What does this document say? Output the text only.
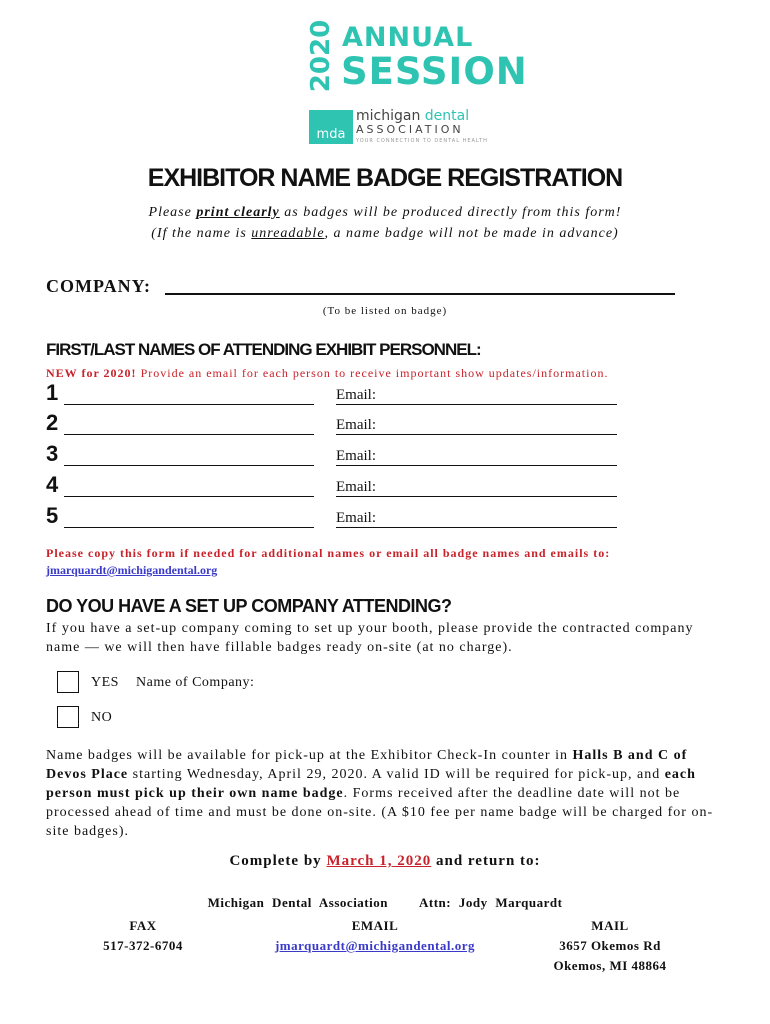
2020 ANNUAL
SESSION
mda
michigan dental
ASSOCIATION
YOUR CONNECTION TO DENTAL HEALTH
EXHIBITOR NAME BADGE REGISTRATION
Please print clearly as badges will be produced directly from this form!
(If the name is unreadable, a name badge will not be made in advance)
COMPANY:
(To be listed on badge)
FIRST/LAST NAMES OF ATTENDING EXHIBIT PERSONNEL:
NEW for 2020! Provide an email for each person to receive important show updates/information.
1	Email:
2	Email:
3	Email:
4	Email:
5	Email:
Please copy this form if needed for additional names or email all badge names and emails to:
jmarquardt@michigandental.org
DO YOU HAVE A SET UP COMPANY ATTENDING?
If you have a set-up company coming to set up your booth, please provide the contracted company name — we will then have fillable badges ready on-site (at no charge).
YES Name of Company:
NO
Name badges will be available for pick-up at the Exhibitor Check-In counter in Halls B and C of Devos Place starting Wednesday, April 29, 2020. A valid ID will be required for pick-up, and each person must pick up their own name badge. Forms received after the deadline date will not be processed ahead of time and must be done on-site. (A $10 fee per name badge will be charged for on-site badges).
Complete by March 1, 2020 and return to:
Michigan Dental Association Attn: Jody Marquardt
FAX
517-372-6704
EMAIL
jmarquardt@michigandental.org
MAIL
3657 Okemos Rd
Okemos, MI 48864
